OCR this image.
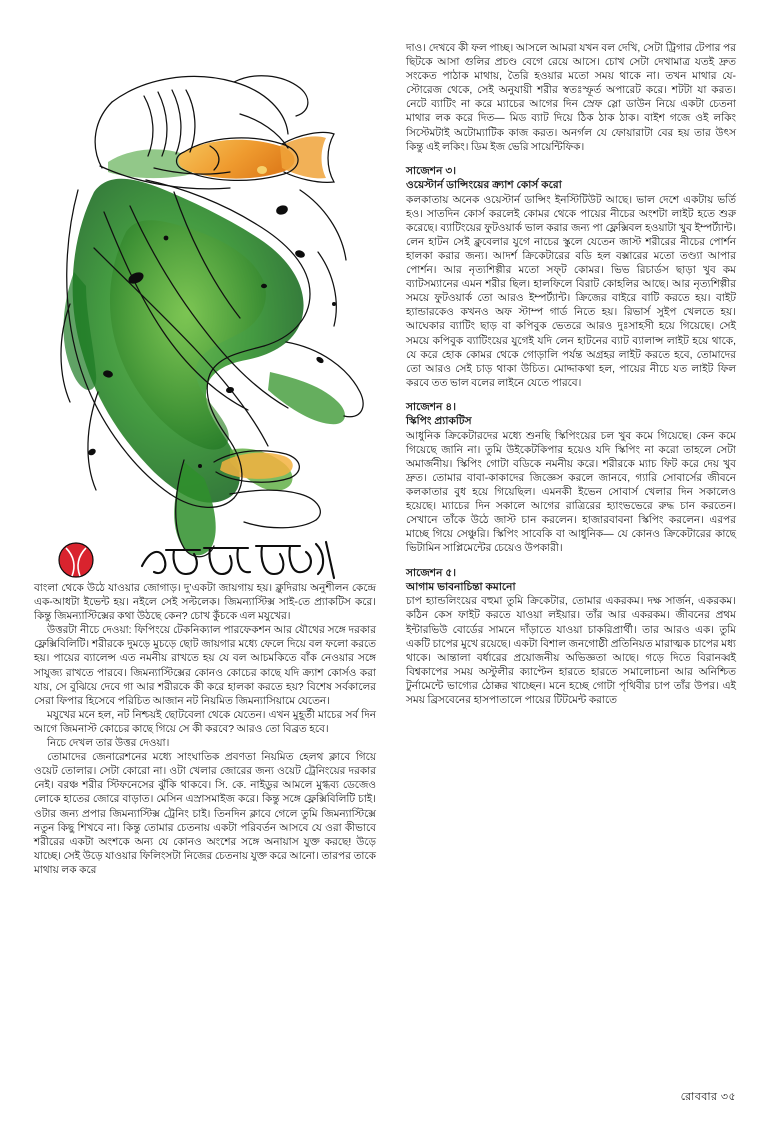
বাংলা থেকে উঠে যাওয়ার জোগাড়। দু’একটা জায়গায় হয়। ক্লুদিরায় অনুশীলন কেন্দ্রে এক-আধটা ইভেন্ট হয়। নইলে সেই সল্টলেক। জিমন্যাস্টিক্স সাই-তে প্র্যাকটিস করে। কিন্তু জিমন্যাস্টিক্সের কথা উঠছে কেন? চোখ কুঁচকে এল মযুখের।

উত্তরটা নীচে দেওয়া: ফিপিংয়ে টেকনিক্যাল পারফেকশন আর যৌথের সঙ্গে দরকার ফ্লেক্সিবিলিটি। শরীরকে দুমড়ে মুচড়ে ছোট জায়গার মধ্যে ফেলে দিয়ে বল ফলো করতে হয়। পায়ের ব্যালেন্স এত নমনীয় রাখতে হয় যে বল আচমকিতে বাঁক নেওয়ার সঙ্গে সাযুজ্য রাখতে পারবে। জিমন্যাস্টিক্সের কোনও কোচের কাছে যদি ক্র্যাশ কোর্সও করা যায়, সে বুঝিয়ে দেবে গা আর শরীরকে কী করে হালকা করতে হয়? বিশেষ সর্বকালের সেরা ফিপার হিসেবে পরিচিত আজান নট নিয়মিত জিমন্যাসিয়ামে যেতেন।

মযুখের মনে হল, নট নিশ্চয়ই ছোটবেলা থেকে যেতেন। এখন মুহূর্তী মাচের সর্ব দিন আগে জিমনাস্ট কোচের কাছে গিয়ে সে কী করবে? আরও তো বিব্রত হবে।

নিচে দেখল তার উত্তর দেওয়া।

তোমাদের জেনারেশনের মধ্যে সাংঘাতিক প্রবণতা নিয়মিত হেলথ ক্লাবে গিয়ে ওয়েট তোলার। সেটা কোরো না। ওটা খেলার জোরের জন্য ওয়েট ট্রেনিংয়ের দরকার নেই। বরঞ্চ শরীর স্টিফনেসের ঝুঁকি থাকবে। সি. কে. নাইডুর আমলে মুগ্ধব্য ডেজেও লোকে হাতের জোরে বাড়াত। মেসিন এস্রাসমাইজ করে। কিন্তু সঙ্গে ফ্লেক্সিবিলিটি চাই। ওটার জন্য প্রপার জিমন্যাস্টিক্স ট্রেনিং চাই। তিনদিন ক্লাবে গেলে তুমি জিমন্যাস্টিক্সে নতুন কিছু শিখবে না। কিন্তু তোমার চেতনায় একটা পরিবর্তন আসবে যে ওরা কীভাবে শরীরের একটা অংশকে অন্য যে কোনও অংশের সঙ্গে অনায়াস যুক্ত করছে! উড়ে যাচ্ছে। সেই উড়ে যাওয়ার ফিলিংসটা নিজের চেতনায় যুক্ত করে আনো। তারপর তাকে মাথায় লক করে

দাও। দেখবে কী ফল পাচ্ছ। আসলে আমরা যখন বল দেখি, সেটা ট্রিগার টেপার পর ছিটকে আসা গুলির প্রচণ্ড বেগে রেয়ে আসে। চোখ সেটা দেখামাত্র যতই দ্রুত সংকেত পাঠাক মাথায়, তৈরি হওয়ার মতো সময় থাকে না। তখন মাথার যে-স্টোরেজ থেকে, সেই অনুযায়ী শরীর স্বতঃস্ফূর্ত অপারেট করে। শটটা যা করত। নেটে ব্যাটিং না করে ম্যাচের আগের দিন স্রেফ স্লো ডাউন নিয়ে একটা চেতনা মাথার লক করে দিত— মিড ব্যাট দিয়ে ঠিক ঠাক ঠাক। বাইশ গজে ওই লকিং সিস্টেমটাই অটোম্যাটিক কাজ করত। অনর্গল যে ফোয়ারাটা বের হয় তার উৎস কিন্তু এই লকিং। ডিম ইজ ভেরি সায়েন্টিফিক।

সাজেশন ৩।

ওয়েস্টার্ন ডান্সিংয়ের ক্র্যাশ কোর্স করো

কলকাতায় অনেক ওয়েস্টার্ন ডান্সিং ইনস্টিটিউট আছে। ভাল দেশে একটায় ভর্তি হও। সাতদিন কোর্স করলেই কোমর থেকে পায়ের নীচের অংশটা লাইট হতে শুরু করেছে। ব্যাটিংয়ের ফুটওয়ার্ক ভাল করার জন্য পা ফ্লেক্সিবল হওয়াটা খুব ইম্পর্ট্যান্ট। লেন হাটন সেই ক্লুবেলার যুগে নাচের স্কুলে যেতেন জাস্ট শরীরের নীচের পাের্শন হালকা করার জন্য। আদর্শ ক্রিকেটারের বডি হল বক্সারের মতো তণ্ড্যা আপার পোর্শন। আর নৃত্যশিল্পীর মতো সফ্‌ট কোমর। ভিভ রিচার্ডস ছাড়া খুব কম ব্যাটসম্যানের এমন শরীর ছিল। হালফিলে বিরাট কোহলির আছে। আর নৃত্যশিল্পীর সময়ে ফুটওয়ার্ক তো আরও ইম্পর্ট্যান্ট। ক্রিজের বাইরে বাটি করতে হয়। বাইট হ্যান্ডারকেও কখনও অফ স্টাম্প গার্ড নিতে হয়। রিভার্স সুইপ খেলতে হয়। আঘেকার ব্যাটিং ছাড় বা কপিবুক ভেতরে আরও দুঃসাহসী হয়ে গিয়েছে। সেই সময়ে কপিবুক ব্যাটিংয়ের যুগেই যদি লেন হাটনের ব্যাট ব্যালান্স লাইট হয়ে থাকে, যে করে হোক কোমর থেকে গোড়ালি পর্যন্ত অগ্রহর লাইট করতে হবে, তোমাদের তো আরও সেই চাড় থাকা উচিত। মোদ্দাকথা হল, পায়ের নীচে যত লাইট ফিল করবে তত ভাল বলের লাইনে যেতে পারবে।

সাজেশন ৪।

স্কিপিং প্র্যাকটিস

আধুনিক ক্রিকেটারদের মধ্যে শুনছি স্কিপিংয়ের চল খুব কমে গিয়েছে। কেন কমে গিয়েছে জানি না। তুমি উইকেটকিপার হয়েও যদি স্কিপিং না করো তাহলে সেটা অমার্জনীয়। স্কিপিং গোটা বডিকে নমনীয় করে। শরীরকে ম্যাচ ফিট করে দেয় খুব দ্রুত। তোমার বাবা-কাকাদের জিজ্ঞেস করলে জানবে, গ্যারি সোবার্সের জীবনে কলকাতার বুধ হয়ে গিয়েছিল। এমনকী ইভেন সোবার্স খেলার দিন সকালেও হয়েছে। ম্যাচের দিন সকালে আগের রাত্রিরের হ্যাংভভেরে রুদ্ধ চান করতেন। সেখানে তাঁকে উঠে জাস্ট চান করলেন। হাজারবাবনা স্কিপিং করলেন। এরপর মাচ্ছে গিয়ে সেঞ্চুরি। স্কিপিং সাবেকি বা আধুনিক— যে কোনও ক্রিকেটারের কাছে ভিটামিন সাপ্লিমেন্টের চেয়েও উপকারী।

সাজেশন ৫।

আগাম ভাবনাচিন্তা কমানো

চাপ হ্যান্ডলিংয়ের বহুমা তুমি ক্রিকেটার, তোমার একরকম। দক্ষ সার্জন, একরকম। কঠিন কেস ফাইট করতে যাওয়া লইয়ার। তাঁর আর একরকম। জীবনের প্রথম ইন্টারভিউ বোর্ডের সামনে দাঁড়াতে যাওয়া চাকরিপ্রার্থী। তার আরও এক। তুমি একটি চাপের মুখে রয়েছে। একটা বিশাল জনগোষ্ঠী প্রতিনিয়ত মারাত্মক চাপের মধ্য থাকে। আন্তালা বর্ধারের প্রয়োজনীয় অভিজ্ঞতা আছে। গড়ে দিতে বিরানব্বই বিশ্বকাপের সময় অস্টুলীর ক্যাপ্টেন হারতে হারতে সমালোচনা আর অনিশ্চিত টুর্নামেন্টে ভাগ্যের ঠোক্কর খাচ্ছেন। মনে হচ্ছে গোটা পৃথিবীর চাপ তাঁর উপর। এই সময় ব্রিসবেনের হাসপাতালে পায়ের টিটমেন্ট করাতে

রোববার ৩৫
